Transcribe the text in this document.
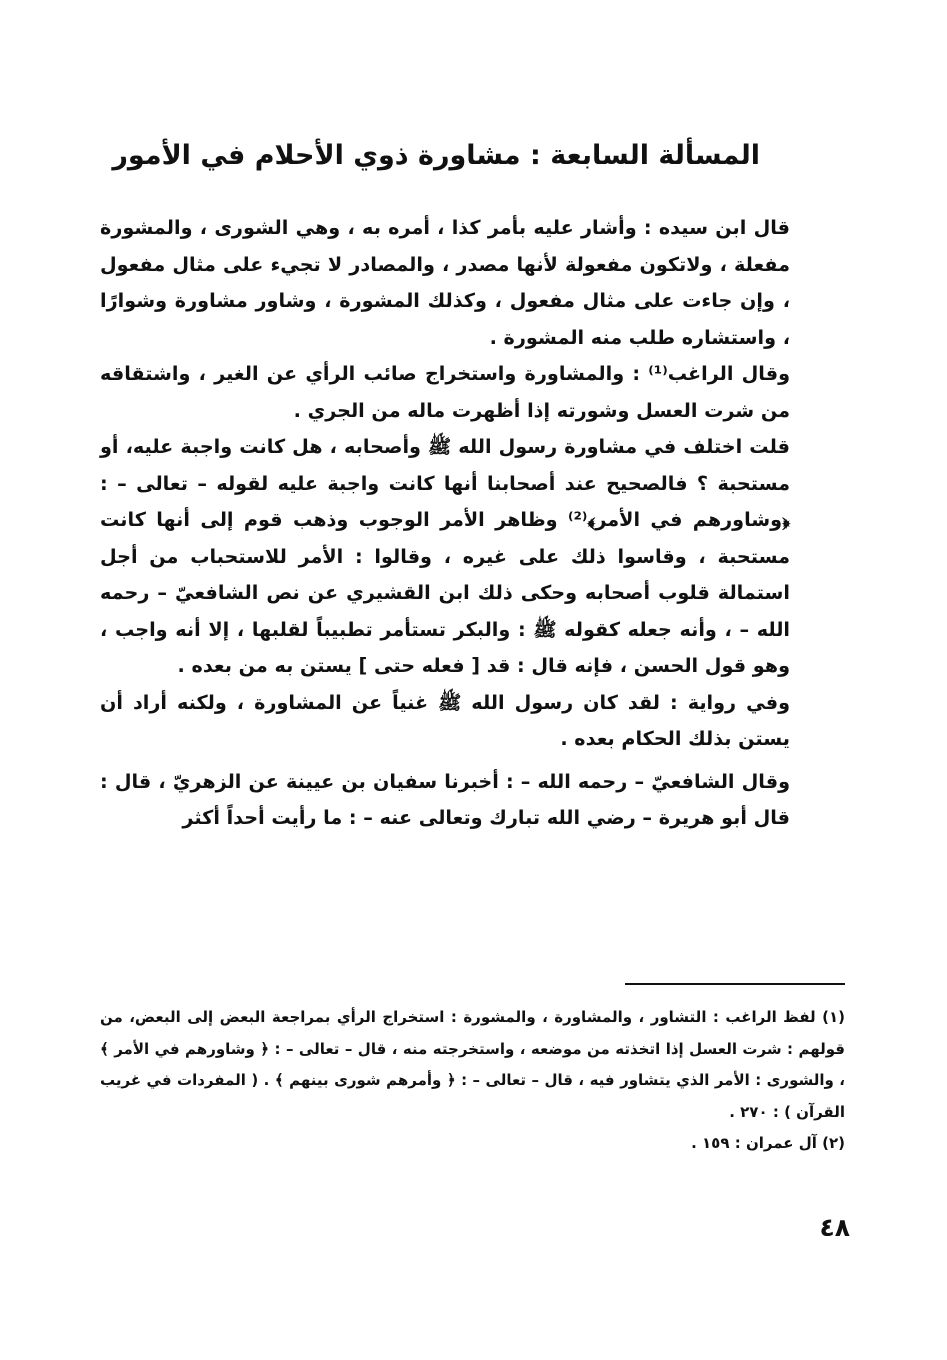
المسألة السابعة : مشاورة ذوي الأحلام في الأمور

قال ابن سيده : وأشار عليه بأمر كذا ، أمره به ، وهي الشورى ، والمشورة مفعلة ، ولاتكون مفعولة لأنها مصدر ، والمصادر لا تجيء على مثال مفعول ، وإن جاءت على مثال مفعول ، وكذلك المشورة ، وشاور مشاورة وشوارًا ، واستشاره طلب منه المشورة .

وقال الراغب⁽¹⁾ : والمشاورة واستخراج صائب الرأي عن الغير ، واشتقاقه من شرت العسل وشورته إذا أظهرت ماله من الجري .

قلت اختلف في مشاورة رسول الله ﷺ وأصحابه ، هل كانت واجبة عليه، أو مستحبة ؟ فالصحيح عند أصحابنا أنها كانت واجبة عليه لقوله – تعالى – : ﴿وشاورهم في الأمر﴾⁽²⁾ وظاهر الأمر الوجوب وذهب قوم إلى أنها كانت مستحبة ، وقاسوا ذلك على غيره ، وقالوا : الأمر للاستحباب من أجل استمالة قلوب أصحابه وحكى ذلك ابن القشيري عن نص الشافعيّ – رحمه الله – ، وأنه جعله كقوله ﷺ : والبكر تستأمر تطبيباً لقلبها ، إلا أنه واجب ، وهو قول الحسن ، فإنه قال : قد [ فعله حتى ] يستن به من بعده .

وفي رواية : لقد كان رسول الله ﷺ غنياً عن المشاورة ، ولكنه أراد أن يستن بذلك الحكام بعده .

وقال الشافعيّ – رحمه الله – : أخبرنا سفيان بن عيينة عن الزهريّ ، قال : قال أبو هريرة – رضي الله تبارك وتعالى عنه – : ما رأيت أحداً أكثر

(١) لفظ الراغب : التشاور ، والمشاورة ، والمشورة : استخراج الرأي بمراجعة البعض إلى البعض، من قولهم : شرت العسل إذا اتخذته من موضعه ، واستخرجته منه ، قال – تعالى – : ﴿ وشاورهم في الأمر ﴾ ، والشورى : الأمر الذي يتشاور فيه ، قال – تعالى – : ﴿ وأمرهم شورى بينهم ﴾ . ( المفردات في غريب القرآن ) : ٢٧٠ .

(٢) آل عمران : ١٥٩ .

٤٨
